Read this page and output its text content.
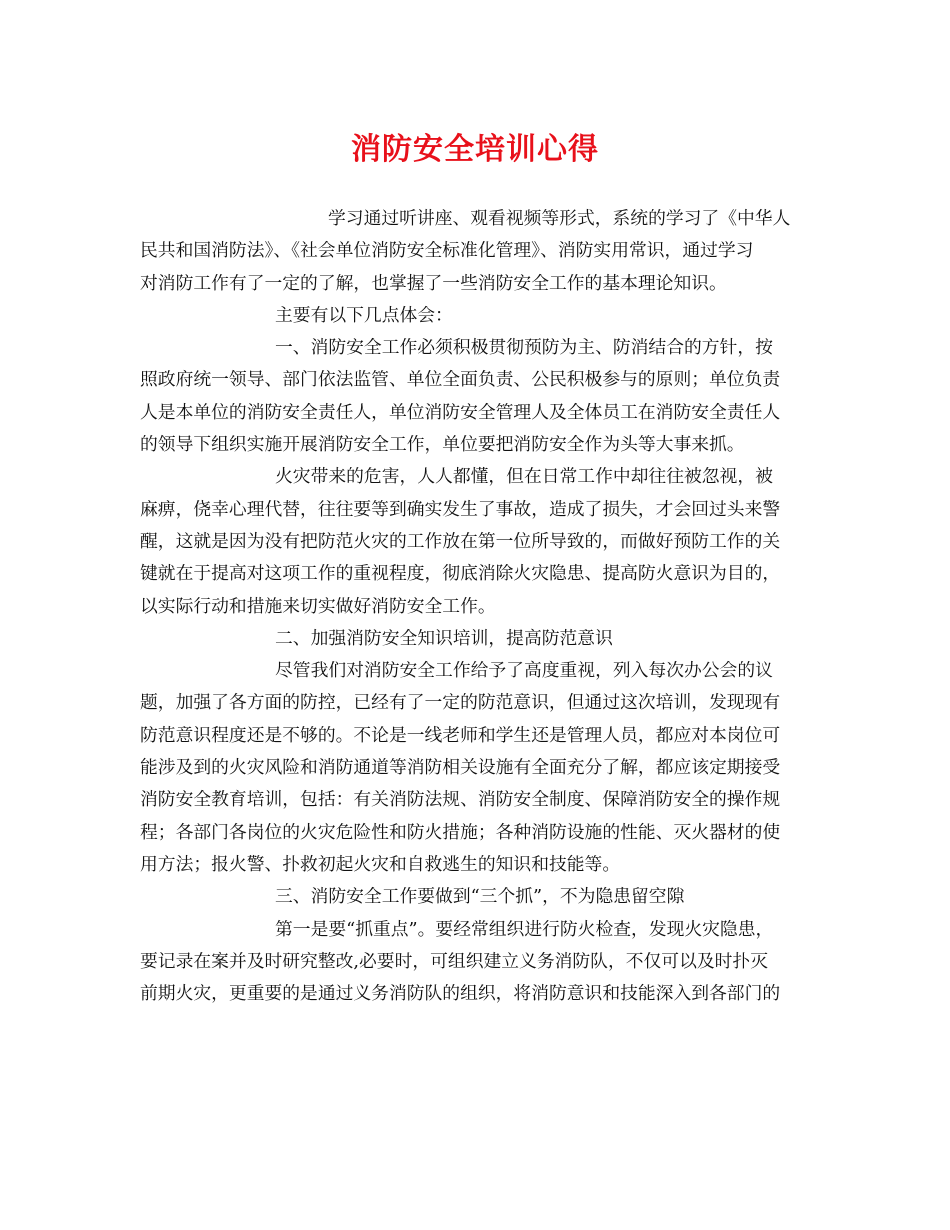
消防安全培训心得
学习通过听讲座、观看视频等形式，系统的学习了《中华人
民共和国消防法》、《社会单位消防安全标准化管理》、消防实用常识，通过学习
对消防工作有了一定的了解，也掌握了一些消防安全工作的基本理论知识。
主要有以下几点体会：
一、消防安全工作必须积极贯彻预防为主、防消结合的方针，按
照政府统一领导、部门依法监管、单位全面负责、公民积极参与的原则；单位负责
人是本单位的消防安全责任人，单位消防安全管理人及全体员工在消防安全责任人
的领导下组织实施开展消防安全工作，单位要把消防安全作为头等大事来抓。
火灾带来的危害，人人都懂，但在日常工作中却往往被忽视，被
麻痹，侥幸心理代替，往往要等到确实发生了事故，造成了损失，才会回过头来警
醒，这就是因为没有把防范火灾的工作放在第一位所导致的，而做好预防工作的关
键就在于提高对这项工作的重视程度，彻底消除火灾隐患、提高防火意识为目的，
以实际行动和措施来切实做好消防安全工作。
二、加强消防安全知识培训，提高防范意识
尽管我们对消防安全工作给予了高度重视，列入每次办公会的议
题，加强了各方面的防控，已经有了一定的防范意识，但通过这次培训，发现现有
防范意识程度还是不够的。不论是一线老师和学生还是管理人员，都应对本岗位可
能涉及到的火灾风险和消防通道等消防相关设施有全面充分了解，都应该定期接受
消防安全教育培训，包括：有关消防法规、消防安全制度、保障消防安全的操作规
程；各部门各岗位的火灾危险性和防火措施；各种消防设施的性能、灭火器材的使
用方法；报火警、扑救初起火灾和自救逃生的知识和技能等。
三、消防安全工作要做到“三个抓”，不为隐患留空隙
第一是要“抓重点”。要经常组织进行防火检查，发现火灾隐患，
要记录在案并及时研究整改,必要时，可组织建立义务消防队，不仅可以及时扑灭
前期火灾，更重要的是通过义务消防队的组织，将消防意识和技能深入到各部门的
